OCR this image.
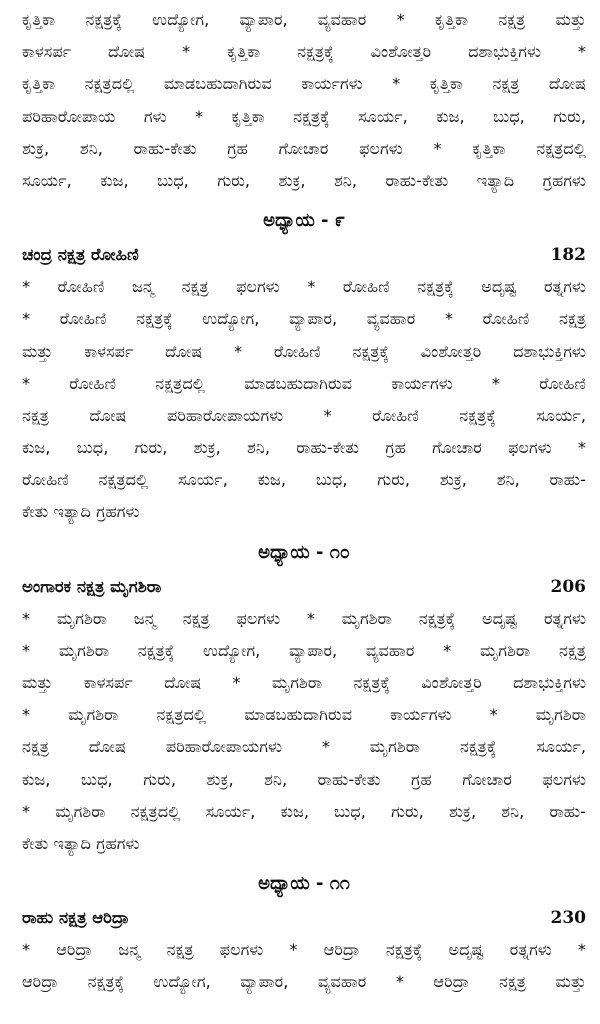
ಕೃತ್ತಿಕಾ ನಕ್ಷತ್ರಕ್ಕೆ ಉದ್ಯೋಗ, ವ್ಯಾಪಾರ, ವ್ಯವಹಾರ * ಕೃತ್ತಿಕಾ ನಕ್ಷತ್ರ ಮತ್ತು
ಕಾಳಸರ್ಪ ದೋಷ * ಕೃತ್ತಿಕಾ ನಕ್ಷತ್ರಕ್ಕೆ ವಿಂಶೋತ್ತರಿ ದಶಾಭುಕ್ತಿಗಳು *
ಕೃತ್ತಿಕಾ ನಕ್ಷತ್ರದಲ್ಲಿ ಮಾಡಬಹುದಾಗಿರುವ ಕಾರ್ಯಗಳು * ಕೃತ್ತಿಕಾ ನಕ್ಷತ್ರ ದೋಷ
ಪರಿಹಾರೋಪಾಯ ಗಳು * ಕೃತ್ತಿಕಾ ನಕ್ಷತ್ರಕ್ಕೆ ಸೂರ್ಯ, ಕುಜ, ಬುಧ, ಗುರು,
ಶುಕ್ರ, ಶನಿ, ರಾಹು-ಕೇತು ಗ್ರಹ ಗೋಚಾರ ಫಲಗಳು * ಕೃತ್ತಿಕಾ ನಕ್ಷತ್ರದಲ್ಲಿ
ಸೂರ್ಯ, ಕುಜ, ಬುಧ, ಗುರು, ಶುಕ್ರ, ಶನಿ, ರಾಹು-ಕೇತು ಇತ್ಯಾದಿ ಗ್ರಹಗಳು
ಅಧ್ಯಾಯ - ೯
ಚಂದ್ರ ನಕ್ಷತ್ರ ರೋಹಿಣಿ	182
* ರೋಹಿಣಿ ಜನ್ಮ ನಕ್ಷತ್ರ ಫಲಗಳು * ರೋಹಿಣಿ ನಕ್ಷತ್ರಕ್ಕೆ ಅದೃಷ್ಟ ರತ್ನಗಳು
* ರೋಹಿಣಿ ನಕ್ಷತ್ರಕ್ಕೆ ಉದ್ಯೋಗ, ವ್ಯಾಪಾರ, ವ್ಯವಹಾರ * ರೋಹಿಣಿ ನಕ್ಷತ್ರ
ಮತ್ತು ಕಾಳಸರ್ಪ ದೋಷ * ರೋಹಿಣಿ ನಕ್ಷತ್ರಕ್ಕೆ ವಿಂಶೋತ್ತರಿ ದಶಾಭುಕ್ತಿಗಳು
* ರೋಹಿಣಿ ನಕ್ಷತ್ರದಲ್ಲಿ ಮಾಡಬಹುದಾಗಿರುವ ಕಾರ್ಯಗಳು * ರೋಹಿಣಿ
ನಕ್ಷತ್ರ ದೋಷ ಪರಿಹಾರೋಪಾಯಗಳು * ರೋಹಿಣಿ ನಕ್ಷತ್ರಕ್ಕೆ ಸೂರ್ಯ,
ಕುಜ, ಬುಧ, ಗುರು, ಶುಕ್ರ, ಶನಿ, ರಾಹು-ಕೇತು ಗ್ರಹ ಗೋಚಾರ ಫಲಗಳು *
ರೋಹಿಣಿ ನಕ್ಷತ್ರದಲ್ಲಿ ಸೂರ್ಯ, ಕುಜ, ಬುಧ, ಗುರು, ಶುಕ್ರ, ಶನಿ, ರಾಹು-
ಕೇತು ಇತ್ಯಾದಿ ಗ್ರಹಗಳು
ಅಧ್ಯಾಯ - ೧೦
ಅಂಗಾರಕ ನಕ್ಷತ್ರ ಮೃಗಶಿರಾ	206
* ಮೃಗಶಿರಾ ಜನ್ಮ ನಕ್ಷತ್ರ ಫಲಗಳು * ಮೃಗಶಿರಾ ನಕ್ಷತ್ರಕ್ಕೆ ಅದೃಷ್ಟ ರತ್ನಗಳು
* ಮೃಗಶಿರಾ ನಕ್ಷತ್ರಕ್ಕೆ ಉದ್ಯೋಗ, ವ್ಯಾಪಾರ, ವ್ಯವಹಾರ * ಮೃಗಶಿರಾ ನಕ್ಷತ್ರ
ಮತ್ತು ಕಾಳಸರ್ಪ ದೋಷ * ಮೃಗಶಿರಾ ನಕ್ಷತ್ರಕ್ಕೆ ವಿಂಶೋತ್ತರಿ ದಶಾಭುಕ್ತಿಗಳು
* ಮೃಗಶಿರಾ ನಕ್ಷತ್ರದಲ್ಲಿ ಮಾಡಬಹುದಾಗಿರುವ ಕಾರ್ಯಗಳು * ಮೃಗಶಿರಾ
ನಕ್ಷತ್ರ ದೋಷ ಪರಿಹಾರೋಪಾಯಗಳು * ಮೃಗಶಿರಾ ನಕ್ಷತ್ರಕ್ಕೆ ಸೂರ್ಯ,
ಕುಜ, ಬುಧ, ಗುರು, ಶುಕ್ರ, ಶನಿ, ರಾಹು-ಕೇತು ಗ್ರಹ ಗೋಚಾರ ಫಲಗಳು
* ಮೃಗಶಿರಾ ನಕ್ಷತ್ರದಲ್ಲಿ ಸೂರ್ಯ, ಕುಜ, ಬುಧ, ಗುರು, ಶುಕ್ರ, ಶನಿ, ರಾಹು-
ಕೇತು ಇತ್ಯಾದಿ ಗ್ರಹಗಳು
ಅಧ್ಯಾಯ - ೧೧
ರಾಹು ನಕ್ಷತ್ರ ಆರಿದ್ರಾ	230
* ಆರಿದ್ರಾ ಜನ್ಮ ನಕ್ಷತ್ರ ಫಲಗಳು * ಆರಿದ್ರಾ ನಕ್ಷತ್ರಕ್ಕೆ ಅದೃಷ್ಟ ರತ್ನಗಳು *
ಆರಿದ್ರಾ ನಕ್ಷತ್ರಕ್ಕೆ ಉದ್ಯೋಗ, ವ್ಯಾಪಾರ, ವ್ಯವಹಾರ * ಆರಿದ್ರಾ ನಕ್ಷತ್ರ ಮತ್ತು
